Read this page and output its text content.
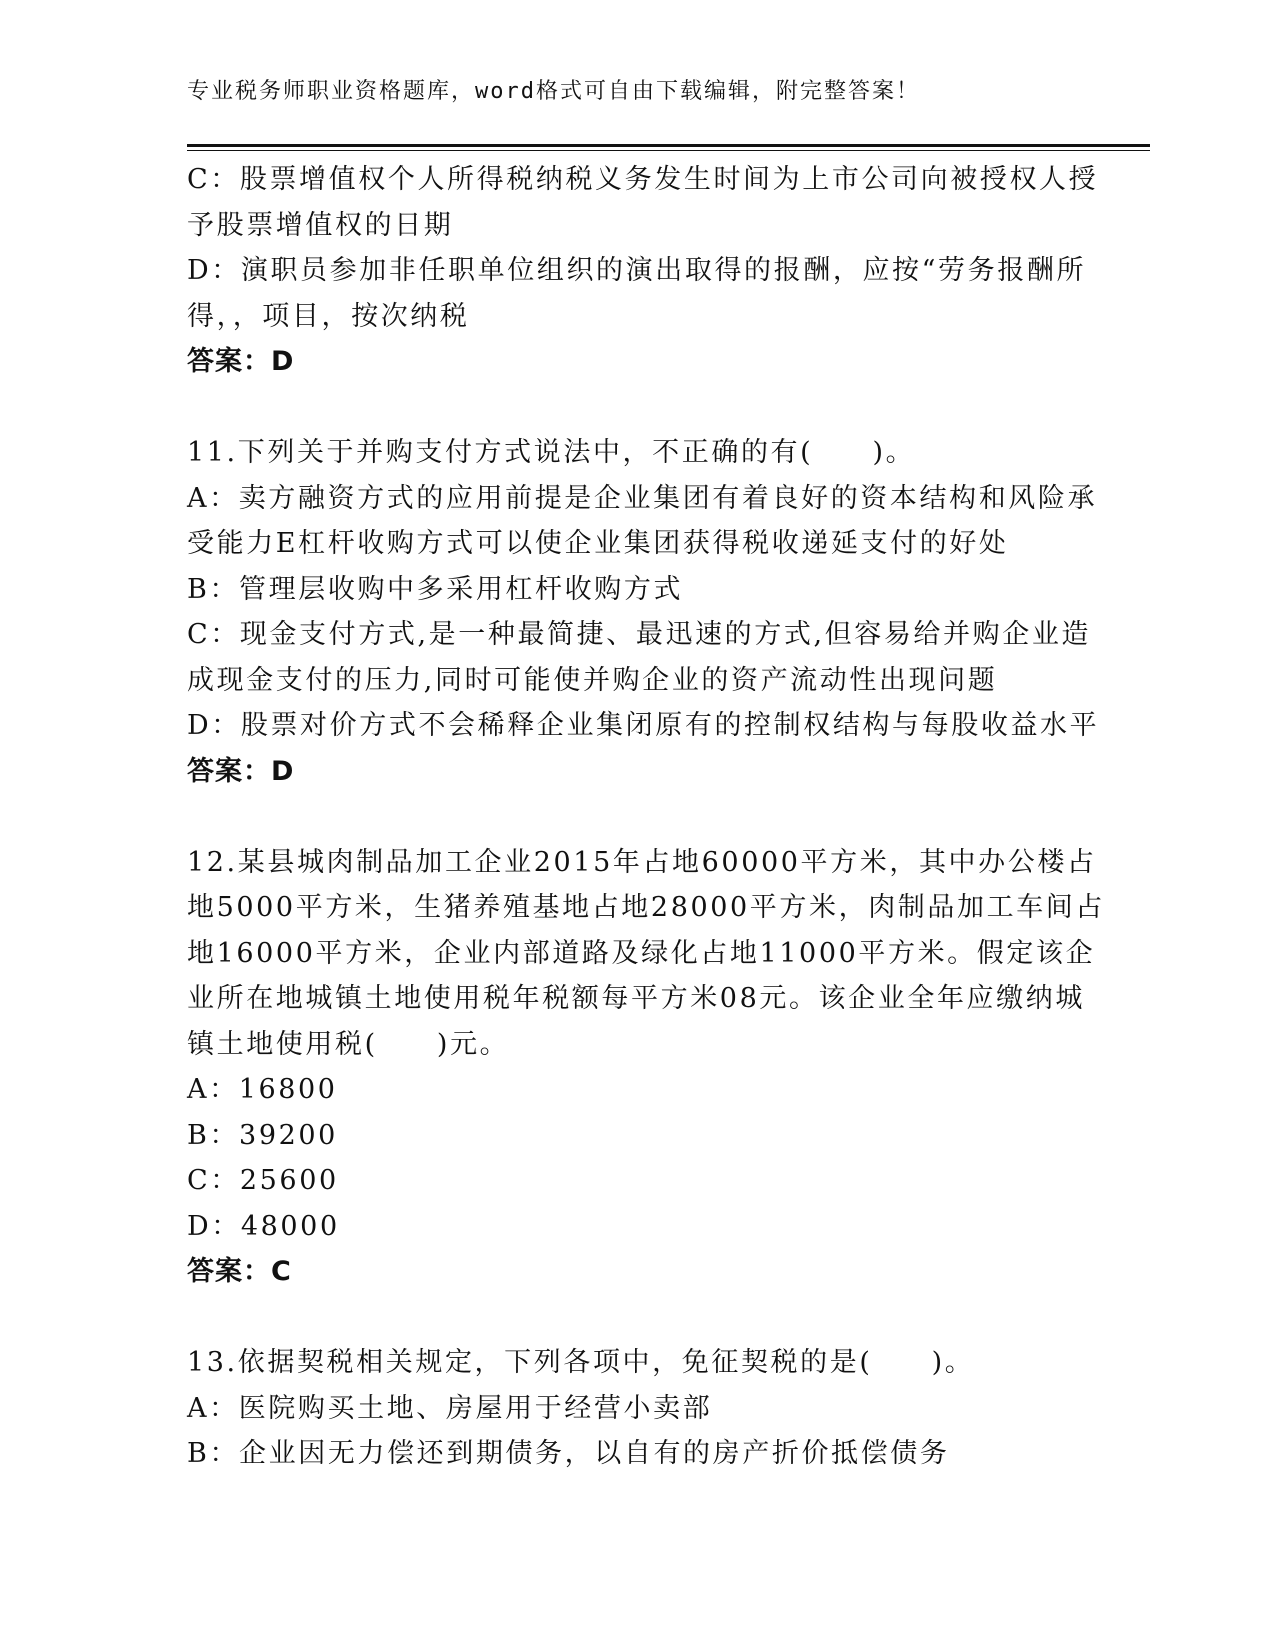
专业税务师职业资格题库，word格式可自由下载编辑，附完整答案！
C：股票增值权个人所得税纳税义务发生时间为上市公司向被授权人授
予股票增值权的日期
D：演职员参加非任职单位组织的演出取得的报酬，应按“劳务报酬所
得，，项目，按次纳税
答案：D
11.下列关于并购支付方式说法中，不正确的有(　　)。
A：卖方融资方式的应用前提是企业集团有着良好的资本结构和风险承
受能力E杠杆收购方式可以使企业集团获得税收递延支付的好处
B：管理层收购中多采用杠杆收购方式
C：现金支付方式,是一种最简捷、最迅速的方式,但容易给并购企业造
成现金支付的压力,同时可能使并购企业的资产流动性出现问题
D：股票对价方式不会稀释企业集闭原有的控制权结构与每股收益水平
答案：D
12.某县城肉制品加工企业2015年占地60000平方米，其中办公楼占
地5000平方米，生猪养殖基地占地28000平方米，肉制品加工车间占
地16000平方米，企业内部道路及绿化占地11000平方米。假定该企
业所在地城镇土地使用税年税额每平方米08元。该企业全年应缴纳城
镇土地使用税(　　)元。
A：16800
B：39200
C：25600
D：48000
答案：C
13.依据契税相关规定，下列各项中，免征契税的是(　　)。
A：医院购买土地、房屋用于经营小卖部
B：企业因无力偿还到期债务，以自有的房产折价抵偿债务
